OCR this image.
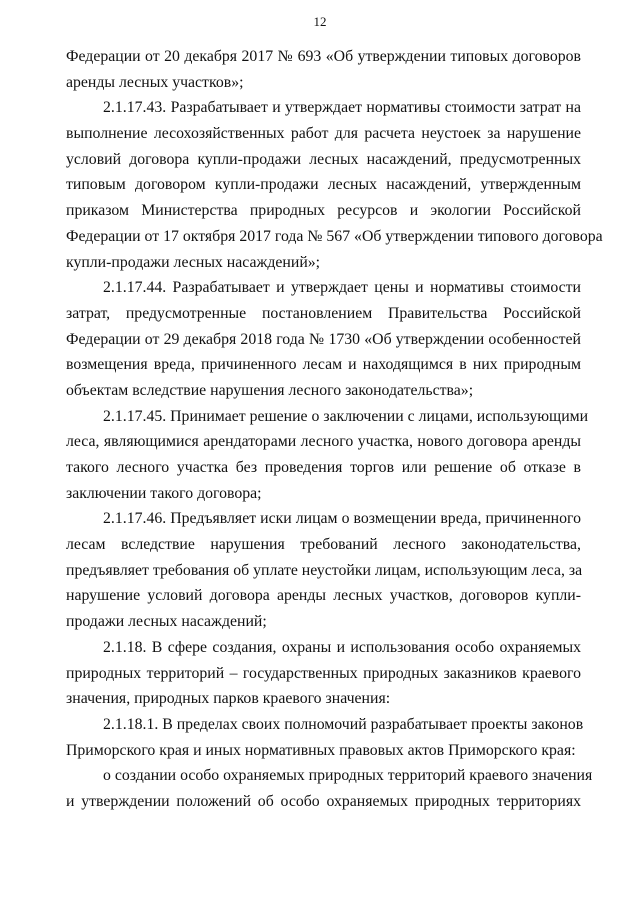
12
Федерации от 20 декабря 2017 № 693 «Об утверждении типовых договоров
аренды лесных участков»;
2.1.17.43. Разрабатывает и утверждает нормативы стоимости затрат на
выполнение лесохозяйственных работ для расчета неустоек за нарушение
условий договора купли-продажи лесных насаждений, предусмотренных
типовым договором купли-продажи лесных насаждений, утвержденным
приказом Министерства природных ресурсов и экологии Российской
Федерации от 17 октября 2017 года № 567 «Об утверждении типового договора
купли-продажи лесных насаждений»;
2.1.17.44. Разрабатывает и утверждает цены и нормативы стоимости
затрат, предусмотренные постановлением Правительства Российской
Федерации от 29 декабря 2018 года № 1730 «Об утверждении особенностей
возмещения вреда, причиненного лесам и находящимся в них природным
объектам вследствие нарушения лесного законодательства»;
2.1.17.45. Принимает решение о заключении с лицами, использующими
леса, являющимися арендаторами лесного участка, нового договора аренды
такого лесного участка без проведения торгов или решение об отказе в
заключении такого договора;
2.1.17.46. Предъявляет иски лицам о возмещении вреда, причиненного
лесам вследствие нарушения требований лесного законодательства,
предъявляет требования об уплате неустойки лицам, использующим леса, за
нарушение условий договора аренды лесных участков, договоров купли-
продажи лесных насаждений;
2.1.18. В сфере создания, охраны и использования особо охраняемых
природных территорий – государственных природных заказников краевого
значения, природных парков краевого значения:
2.1.18.1. В пределах своих полномочий разрабатывает проекты законов
Приморского края и иных нормативных правовых актов Приморского края:
о создании особо охраняемых природных территорий краевого значения
и утверждении положений об особо охраняемых природных территориях
